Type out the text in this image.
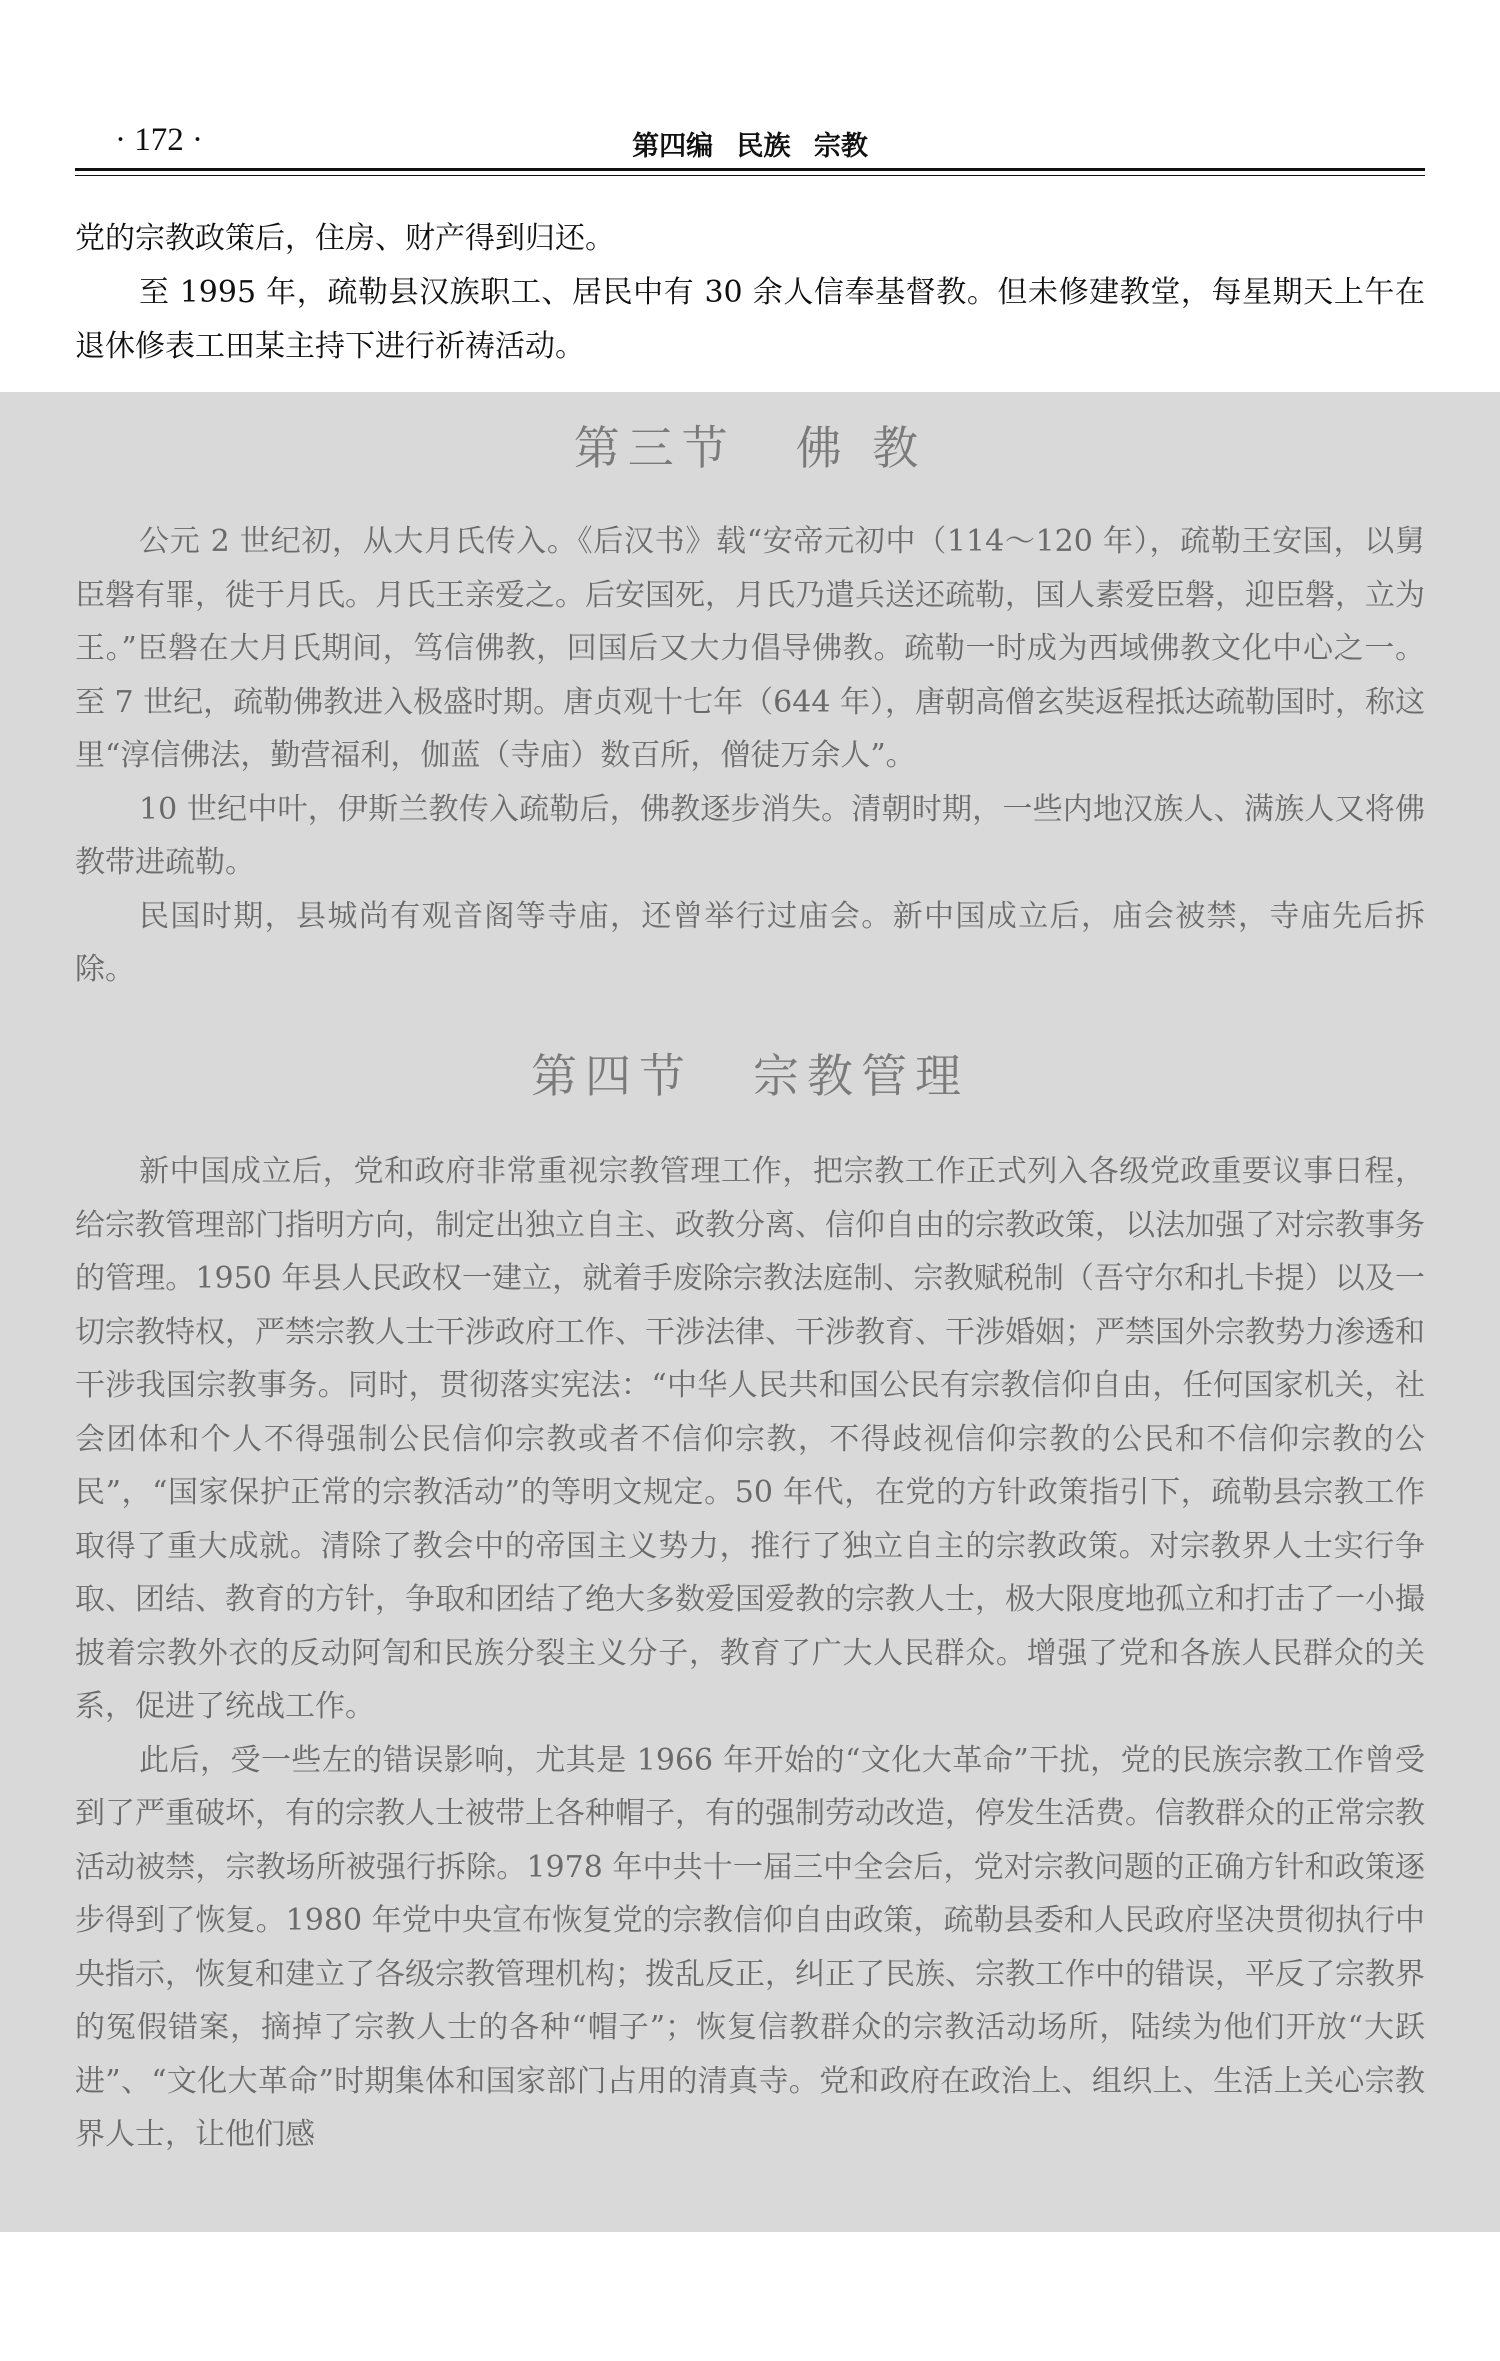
· 172 ·	第四编 民族 宗教

党的宗教政策后，住房、财产得到归还。

至 1995 年，疏勒县汉族职工、居民中有 30 余人信奉基督教。但未修建教堂，每星期天上午在退休修表工田某主持下进行祈祷活动。

第三节 佛 教

公元 2 世纪初，从大月氏传入。《后汉书》载“安帝元初中（114～120 年），疏勒王安国，以舅臣磐有罪，徙于月氏。月氏王亲爱之。后安国死，月氏乃遣兵送还疏勒，国人素爱臣磐，迎臣磐，立为王。”臣磐在大月氏期间，笃信佛教，回国后又大力倡导佛教。疏勒一时成为西域佛教文化中心之一。至 7 世纪，疏勒佛教进入极盛时期。唐贞观十七年（644 年），唐朝高僧玄奘返程抵达疏勒国时，称这里“淳信佛法，勤营福利，伽蓝（寺庙）数百所，僧徒万余人”。

10 世纪中叶，伊斯兰教传入疏勒后，佛教逐步消失。清朝时期，一些内地汉族人、满族人又将佛教带进疏勒。

民国时期，县城尚有观音阁等寺庙，还曾举行过庙会。新中国成立后，庙会被禁，寺庙先后拆除。

第四节 宗教管理

新中国成立后，党和政府非常重视宗教管理工作，把宗教工作正式列入各级党政重要议事日程，给宗教管理部门指明方向，制定出独立自主、政教分离、信仰自由的宗教政策，以法加强了对宗教事务的管理。1950 年县人民政权一建立，就着手废除宗教法庭制、宗教赋税制（吾守尔和扎卡提）以及一切宗教特权，严禁宗教人士干涉政府工作、干涉法律、干涉教育、干涉婚姻；严禁国外宗教势力渗透和干涉我国宗教事务。同时，贯彻落实宪法：“中华人民共和国公民有宗教信仰自由，任何国家机关，社会团体和个人不得强制公民信仰宗教或者不信仰宗教，不得歧视信仰宗教的公民和不信仰宗教的公民”，“国家保护正常的宗教活动”的等明文规定。50 年代，在党的方针政策指引下，疏勒县宗教工作取得了重大成就。清除了教会中的帝国主义势力，推行了独立自主的宗教政策。对宗教界人士实行争取、团结、教育的方针，争取和团结了绝大多数爱国爱教的宗教人士，极大限度地孤立和打击了一小撮披着宗教外衣的反动阿訇和民族分裂主义分子，教育了广大人民群众。增强了党和各族人民群众的关系，促进了统战工作。

此后，受一些左的错误影响，尤其是 1966 年开始的“文化大革命”干扰，党的民族宗教工作曾受到了严重破坏，有的宗教人士被带上各种帽子，有的强制劳动改造，停发生活费。信教群众的正常宗教活动被禁，宗教场所被强行拆除。1978 年中共十一届三中全会后，党对宗教问题的正确方针和政策逐步得到了恢复。1980 年党中央宣布恢复党的宗教信仰自由政策，疏勒县委和人民政府坚决贯彻执行中央指示，恢复和建立了各级宗教管理机构；拨乱反正，纠正了民族、宗教工作中的错误，平反了宗教界的冤假错案，摘掉了宗教人士的各种“帽子”；恢复信教群众的宗教活动场所，陆续为他们开放“大跃进”、“文化大革命”时期集体和国家部门占用的清真寺。党和政府在政治上、组织上、生活上关心宗教界人士，让他们感
